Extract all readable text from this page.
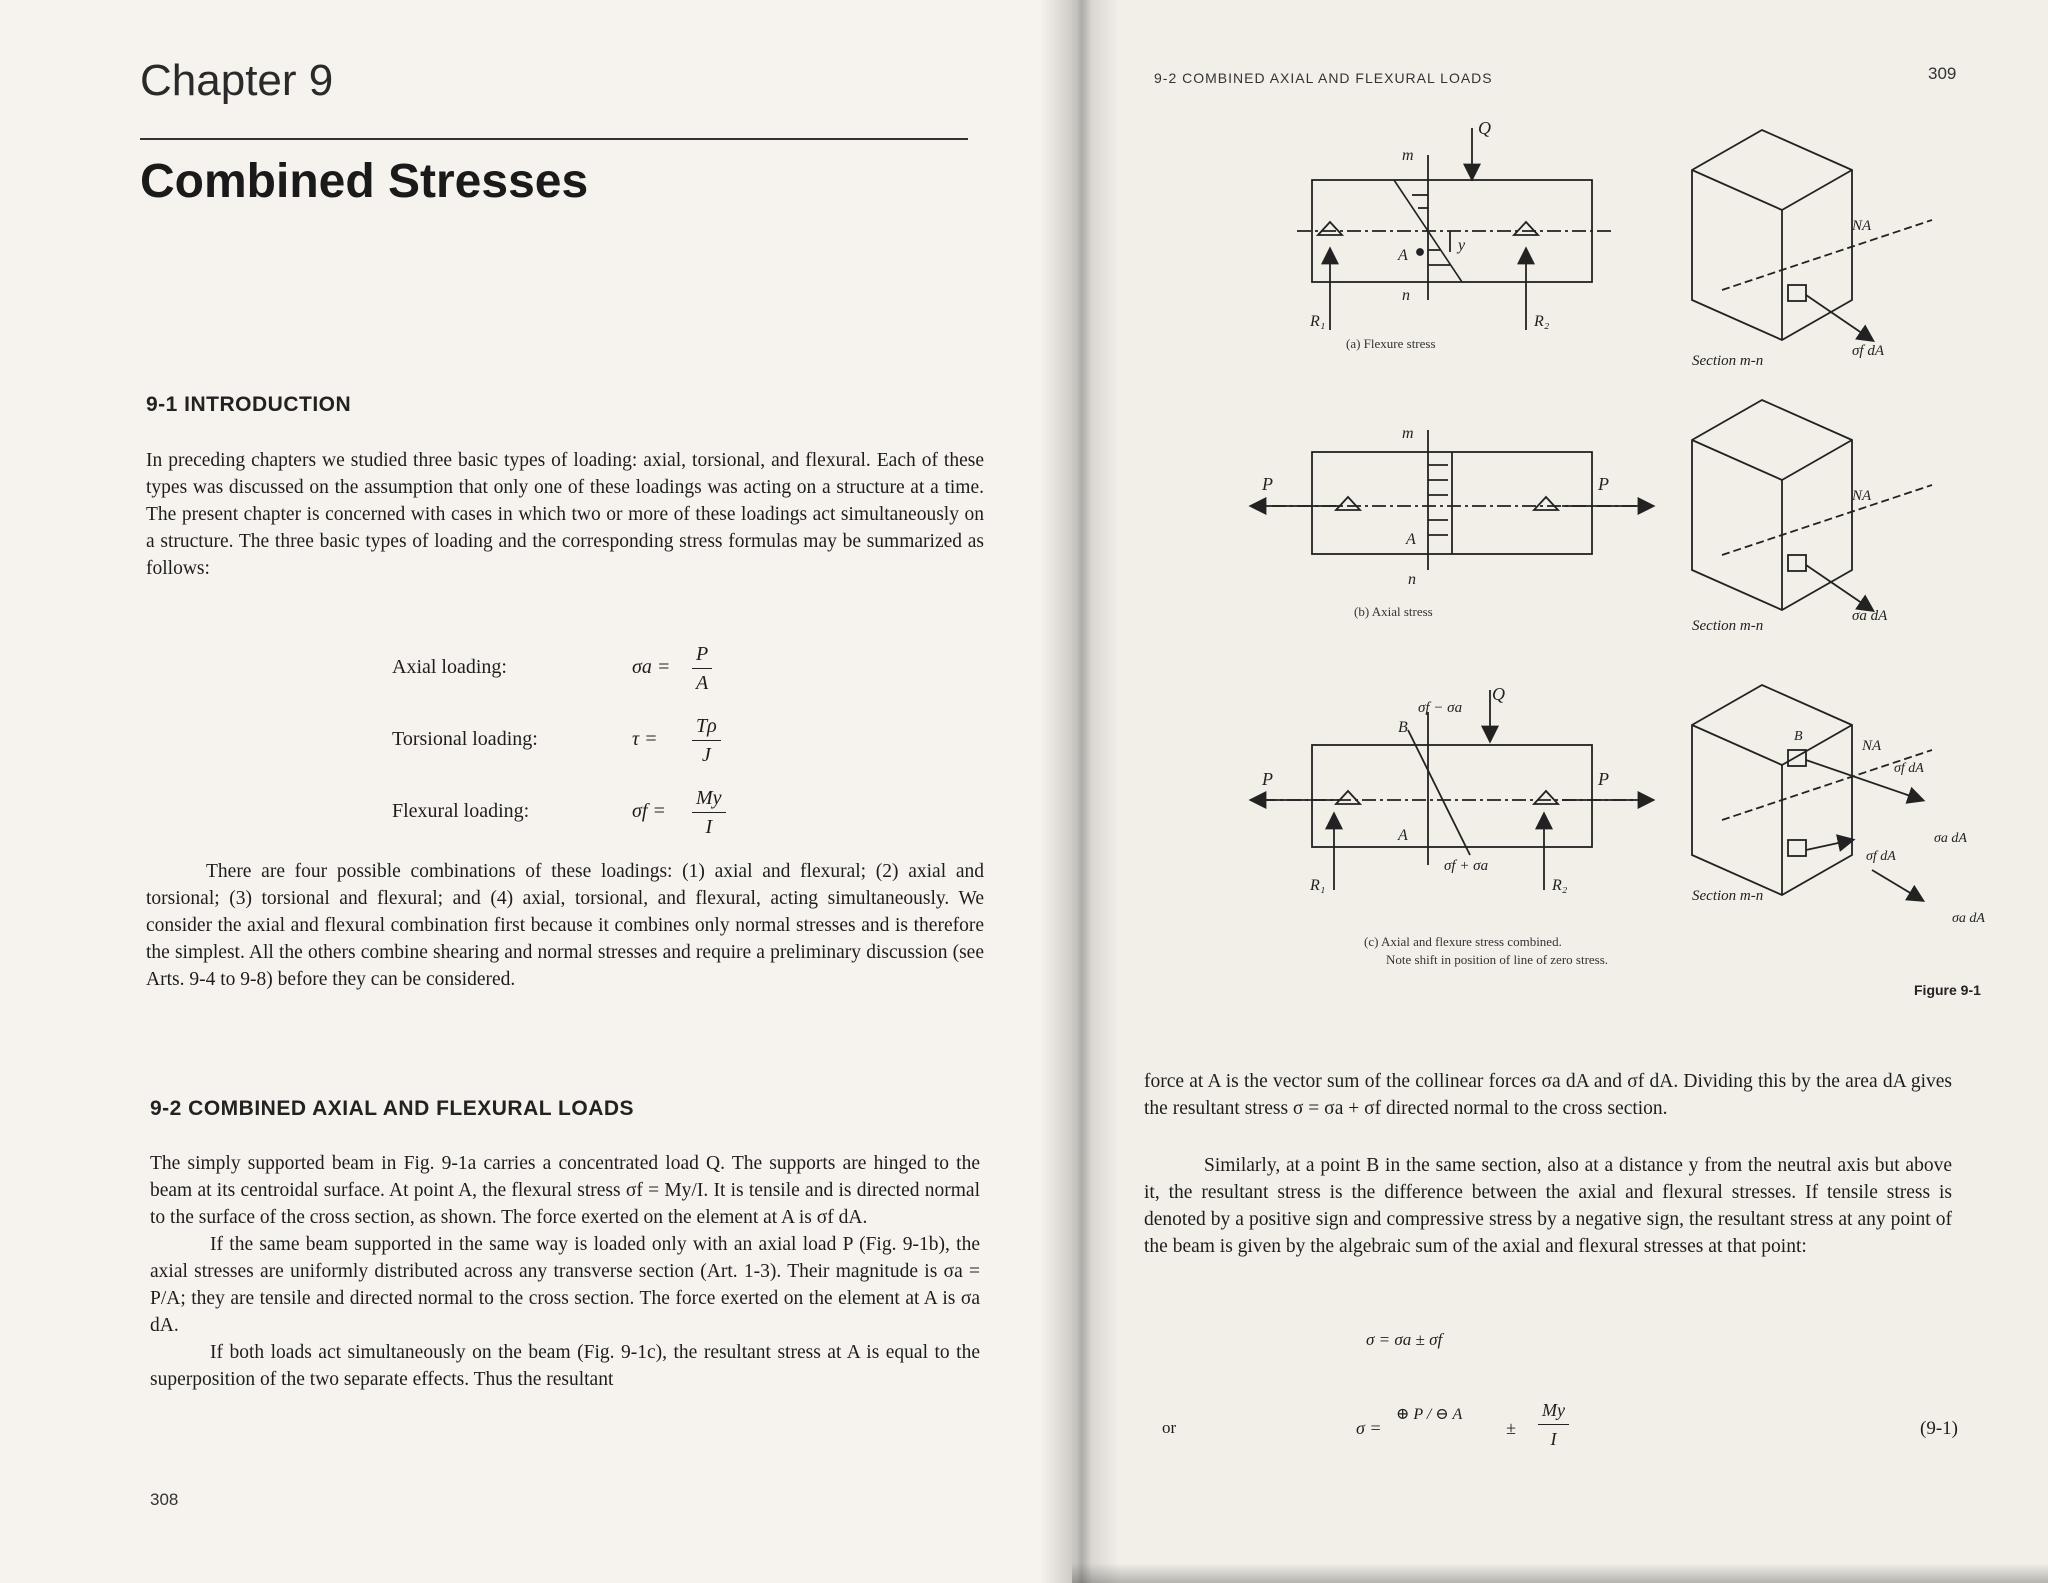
Chapter 9
Combined Stresses
9-1 INTRODUCTION

In preceding chapters we studied three basic types of loading: axial, torsional, and flexural. Each of these types was discussed on the assumption that only one of these loadings was acting on a structure at a time. The present chapter is concerned with cases in which two or more of these loadings act simultaneously on a structure. The three basic types of loading and the corresponding stress formulas may be summarized as follows:

Axial loading:	$\sigma a = \frac{P}{A}$
Torsional loading:	$\tau = \frac{T\rho}{J}$
Flexural loading:	$\sigma f = \frac{My}{I}$

There are four possible combinations of these loadings: (1) axial and flexural; (2) axial and torsional; (3) torsional and flexural; and (4) axial, torsional, and flexural, acting simultaneously. We consider the axial and flexural combination first because it combines only normal stresses and is therefore the simplest. All the others combine shearing and normal stresses and require a preliminary discussion (see Arts. 9-4 to 9-8) before they can be considered.

9-2 COMBINED AXIAL AND FLEXURAL LOADS

The simply supported beam in Fig. 9-1a carries a concentrated load Q. The supports are hinged to the beam at its centroidal surface. At point A, the flexural stress σf = My/I. It is tensile and is directed normal to the surface of the cross section, as shown. The force exerted on the element at A is σf dA.

If the same beam supported in the same way is loaded only with an axial load P (Fig. 9-1b), the axial stresses are uniformly distributed across any transverse section (Art. 1-3). Their magnitude is σa = P/A; they are tensile and directed normal to the cross section. The force exerted on the element at A is σa dA.

If both loads act simultaneously on the beam (Fig. 9-1c), the resultant stress at A is equal to the superposition of the two separate effects. Thus the resultant

308
9-2 COMBINED AXIAL AND FLEXURAL LOADS	309
Q
m
n
A
y
R₁	R₂
P	P
m
A
n
Q
P	P
B
σf − σa
σf + σa
A
R₁	R₂
NA
Section m-n
σf dA
NA
Section m-n
σa dA
B
NA
σf dA
σa dA
σf dA
σa dA
Section m-n
(a) Flexure stress
(b) Axial stress
(c) Axial and flexure stress combined.
Note shift in position of line of zero stress.
Figure 9-1

force at A is the vector sum of the collinear forces σa dA and σf dA. Dividing this by the area dA gives the resultant stress σ = σa + σf directed normal to the cross section.

Similarly, at a point B in the same section, also at a distance y from the neutral axis but above it, the resultant stress is the difference between the axial and flexural stresses. If tensile stress is denoted by a positive sign and compressive stress by a negative sign, the resultant stress at any point of the beam is given by the algebraic sum of the axial and flexural stresses at that point:

σ = σa ± σf
or	σ =
⊕ P / ⊖ A
± $\frac{My}{I}$	(9-1)
